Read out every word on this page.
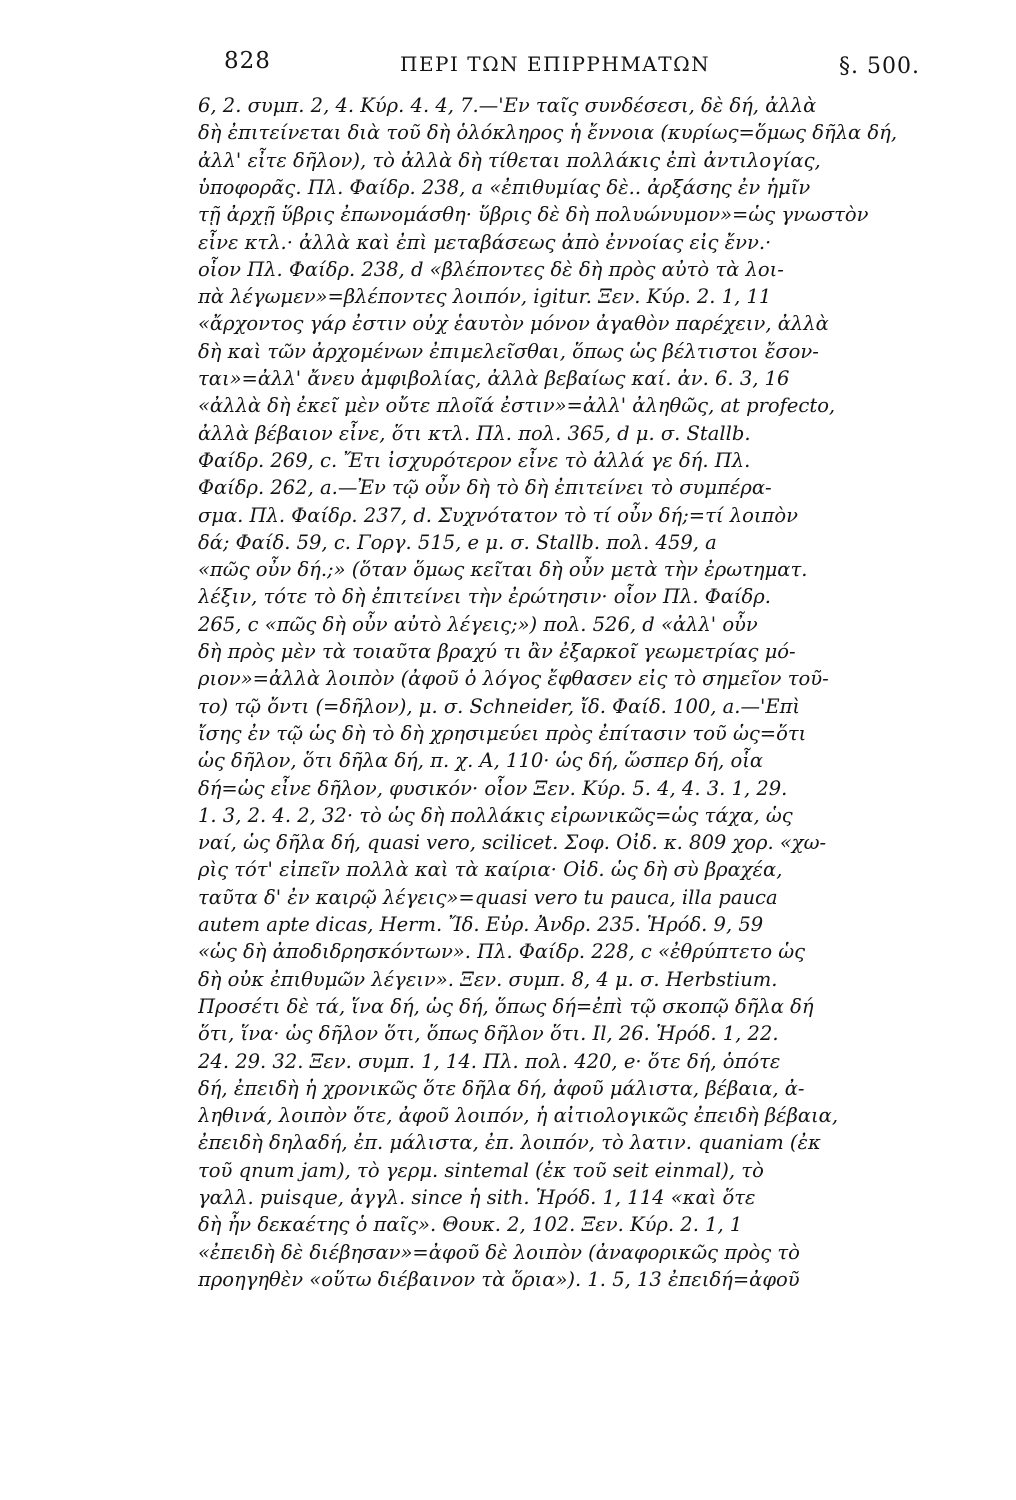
828	ΠΕΡΙ ΤΩΝ ΕΠΙΡΡΗΜΑΤΩΝ	§. 500.
6, 2. συμπ. 2, 4. Κύρ. 4. 4, 7.—'Εν ταῖς συνδέσεσι, δὲ δή, ἀλλὰ
δὴ ἐπιτείνεται διὰ τοῦ δὴ ὁλόκληρος ἡ ἔννοια (κυρίως=ὅμως δῆλα δή,
ἀλλ' εἶτε δῆλον), τὸ ἀλλὰ δὴ τίθεται πολλάκις ἐπὶ ἀντιλογίας,
ὑποφορᾶς. Πλ. Φαίδρ. 238, a «ἐπιθυμίας δὲ.. ἀρξάσης ἐν ἡμῖν
τῇ ἀρχῇ ὕβρις ἐπωνομάσθη· ὕβρις δὲ δὴ πολυώνυμον»=ὡς γνωστὸν
εἶνε κτλ.· ἀλλὰ καὶ ἐπὶ μεταβάσεως ἀπὸ ἐννοίας εἰς ἔνν.·
οἷον Πλ. Φαίδρ. 238, d «βλέποντες δὲ δὴ πρὸς αὐτὸ τὰ λοι-
πὰ λέγωμεν»=βλέποντες λοιπόν, igitur. Ξεν. Κύρ. 2. 1, 11
«ἄρχοντος γάρ ἐστιν οὐχ ἑαυτὸν μόνον ἀγαθὸν παρέχειν, ἀλλὰ
δὴ καὶ τῶν ἀρχομένων ἐπιμελεῖσθαι, ὅπως ὡς βέλτιστοι ἔσον-
ται»=ἀλλ' ἄνευ ἀμφιβολίας, ἀλλὰ βεβαίως καί. ἀν. 6. 3, 16
«ἀλλὰ δὴ ἐκεῖ μὲν οὔτε πλοῖά ἐστιν»=ἀλλ' ἀληθῶς, at profecto,
ἀλλὰ βέβαιον εἶνε, ὅτι κτλ. Πλ. πολ. 365, d μ. σ. Stallb.
Φαίδρ. 269, c. Ἔτι ἰσχυρότερον εἶνε τὸ ἀλλά γε δή. Πλ.
Φαίδρ. 262, a.—Ἐν τῷ οὖν δὴ τὸ δὴ ἐπιτείνει τὸ συμπέρα-
σμα. Πλ. Φαίδρ. 237, d. Συχνότατον τὸ τί οὖν δή;=τί λοιπὸν
δά; Φαίδ. 59, c. Γοργ. 515, e μ. σ. Stallb. πολ. 459, a
«πῶς οὖν δή.;» (ὅταν ὅμως κεῖται δὴ οὖν μετὰ τὴν ἐρωτηματ.
λέξιν, τότε τὸ δὴ ἐπιτείνει τὴν ἐρώτησιν· οἷον Πλ. Φαίδρ.
265, c «πῶς δὴ οὖν αὐτὸ λέγεις;») πολ. 526, d «ἀλλ' οὖν
δὴ πρὸς μὲν τὰ τοιαῦτα βραχύ τι ἂν ἐξαρκοῖ γεωμετρίας μό-
ριον»=ἀλλὰ λοιπὸν (ἀφοῦ ὁ λόγος ἔφθασεν εἰς τὸ σημεῖον τοῦ-
το) τῷ ὄντι (=δῆλον), μ. σ. Schneider, ἴδ. Φαίδ. 100, a.—'Επὶ
ἴσης ἐν τῷ ὡς δὴ τὸ δὴ χρησιμεύει πρὸς ἐπίτασιν τοῦ ὡς=ὅτι
ὡς δῆλον, ὅτι δῆλα δή, π. χ. A, 110· ὡς δή, ὥσπερ δή, οἷα
δή=ὡς εἶνε δῆλον, φυσικόν· οἷον Ξεν. Κύρ. 5. 4, 4. 3. 1, 29.
1. 3, 2. 4. 2, 32· τὸ ὡς δὴ πολλάκις εἰρωνικῶς=ὡς τάχα, ὡς
ναί, ὡς δῆλα δή, quasi vero, scilicet. Σοφ. Οἰδ. κ. 809 χορ. «χω-
ρὶς τότ' εἰπεῖν πολλὰ καὶ τὰ καίρια· Οἰδ. ὡς δὴ σὺ βραχέα,
ταῦτα δ' ἐν καιρῷ λέγεις»=quasi vero tu pauca, illa pauca
autem apte dicas, Herm. Ἴδ. Εὐρ. Ἀνδρ. 235. Ἡρόδ. 9, 59
«ὡς δὴ ἀποδιδρησκόντων». Πλ. Φαίδρ. 228, c «ἐθρύπτετο ὡς
δὴ οὐκ ἐπιθυμῶν λέγειν». Ξεν. συμπ. 8, 4 μ. σ. Herbstium.
Προσέτι δὲ τά, ἵνα δή, ὡς δή, ὅπως δή=ἐπὶ τῷ σκοπῷ δῆλα δή
ὅτι, ἵνα· ὡς δῆλον ὅτι, ὅπως δῆλον ὅτι. Il, 26. Ἡρόδ. 1, 22.
24. 29. 32. Ξεν. συμπ. 1, 14. Πλ. πολ. 420, e· ὅτε δή, ὁπότε
δή, ἐπειδὴ ἡ χρονικῶς ὅτε δῆλα δή, ἀφοῦ μάλιστα, βέβαια, ἀ-
ληθινά, λοιπὸν ὅτε, ἀφοῦ λοιπόν, ἡ αἰτιολογικῶς ἐπειδὴ βέβαια,
ἐπειδὴ δηλαδή, ἐπ. μάλιστα, ἐπ. λοιπόν, τὸ λατιν. quaniam (ἐκ
τοῦ qnum jam), τὸ γερμ. sintemal (ἐκ τοῦ seit einmal), τὸ
γαλλ. puisque, ἀγγλ. since ἡ sith. Ἡρόδ. 1, 114 «καὶ ὅτε
δὴ ἦν δεκαέτης ὁ παῖς». Θουκ. 2, 102. Ξεν. Κύρ. 2. 1, 1
«ἐπειδὴ δὲ διέβησαν»=ἀφοῦ δὲ λοιπὸν (ἀναφορικῶς πρὸς τὸ
προηγηθὲν «οὕτω διέβαινον τὰ ὅρια»). 1. 5, 13 ἐπειδή=ἀφοῦ
